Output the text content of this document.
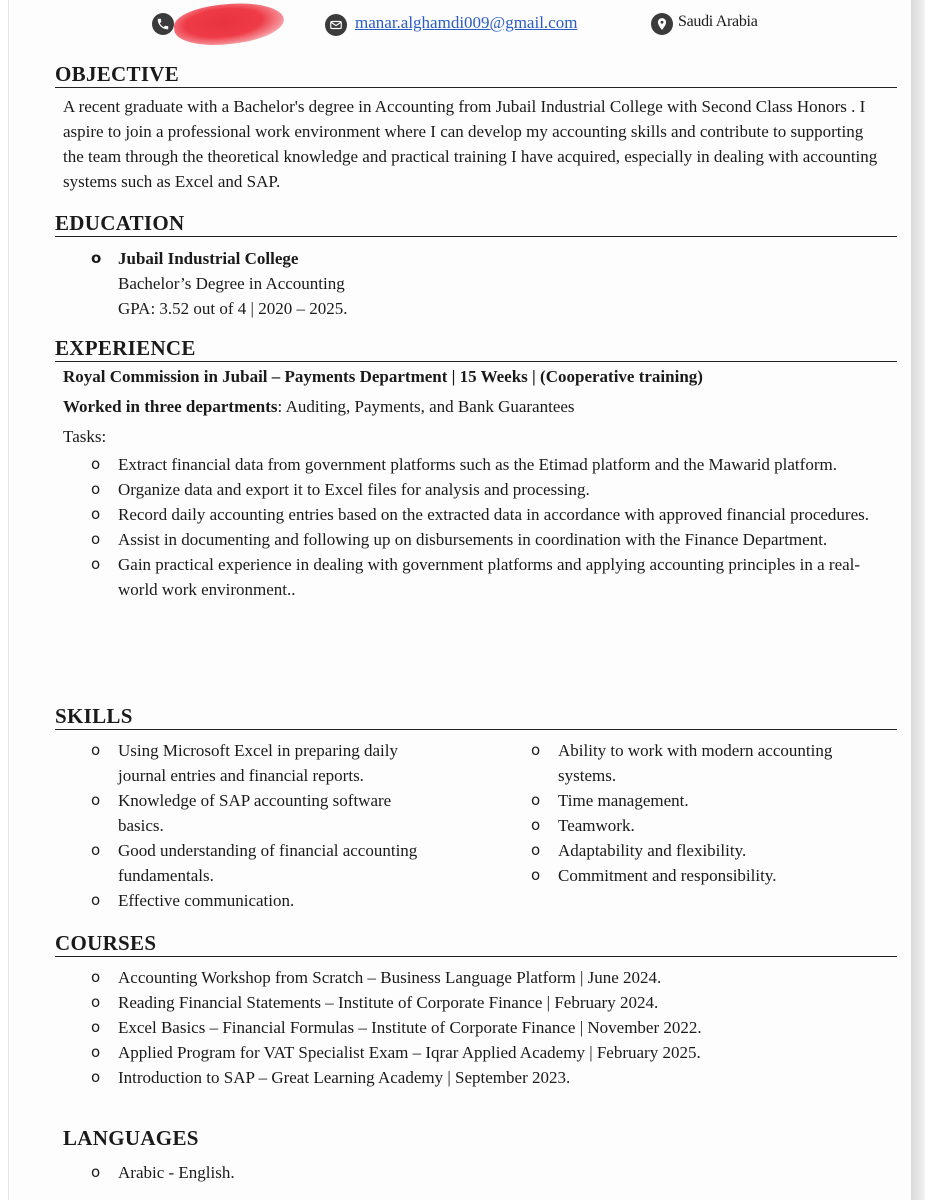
manar.alghamdi009@gmail.com	Saudi Arabia
OBJECTIVE

A recent graduate with a Bachelor's degree in Accounting from Jubail Industrial College with Second Class Honors . I aspire to join a professional work environment where I can develop my accounting skills and contribute to supporting the team through the theoretical knowledge and practical training I have acquired, especially in dealing with accounting systems such as Excel and SAP.

EDUCATION
o Jubail Industrial College
Bachelor’s Degree in Accounting
GPA: 3.52 out of 4 | 2020 – 2025.
EXPERIENCE
Royal Commission in Jubail – Payments Department | 15 Weeks | (Cooperative training)
Worked in three departments: Auditing, Payments, and Bank Guarantees
Tasks:
o Extract financial data from government platforms such as the Etimad platform and the Mawarid platform.
o Organize data and export it to Excel files for analysis and processing.
o Record daily accounting entries based on the extracted data in accordance with approved financial procedures.
o Assist in documenting and following up on disbursements in coordination with the Finance Department.
o Gain practical experience in dealing with government platforms and applying accounting principles in a real-world work environment..
SKILLS
o Using Microsoft Excel in preparing daily journal entries and financial reports.
o Knowledge of SAP accounting software basics.
o Good understanding of financial accounting fundamentals.
o Effective communication.
o Ability to work with modern accounting systems.
o Time management.
o Teamwork.
o Adaptability and flexibility.
o Commitment and responsibility.
COURSES
o Accounting Workshop from Scratch – Business Language Platform | June 2024.
o Reading Financial Statements – Institute of Corporate Finance | February 2024.
o Excel Basics – Financial Formulas – Institute of Corporate Finance | November 2022.
o Applied Program for VAT Specialist Exam – Iqrar Applied Academy | February 2025.
o Introduction to SAP – Great Learning Academy | September 2023.
LANGUAGES
o Arabic - English.
